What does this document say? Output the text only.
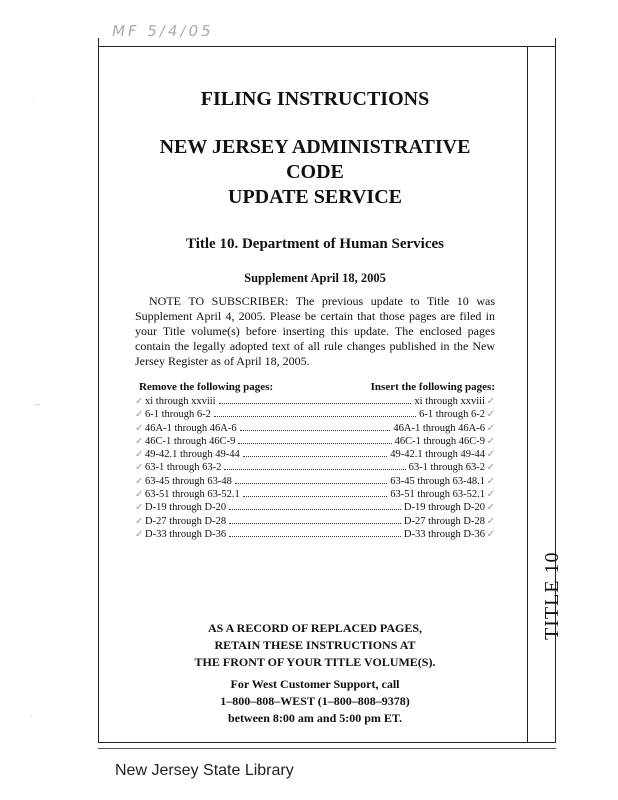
MF 5/4/05
TITLE 10
FILING INSTRUCTIONS
NEW JERSEY ADMINISTRATIVE CODE
UPDATE SERVICE
Title 10. Department of Human Services
Supplement April 18, 2005
NOTE TO SUBSCRIBER: The previous update to Title 10 was Supplement April 4, 2005. Please be certain that those pages are filed in your Title volume(s) before inserting this update. The enclosed pages contain the legally adopted text of all rule changes published in the New Jersey Register as of April 18, 2005.
Remove the following pages:	Insert the following pages:
✓ xi through xxviii	xi through xxviii ✓
✓ 6-1 through 6-2	6-1 through 6-2 ✓
✓ 46A-1 through 46A-6	46A-1 through 46A-6 ✓
✓ 46C-1 through 46C-9	46C-1 through 46C-9 ✓
✓ 49-42.1 through 49-44	49-42.1 through 49-44 ✓
✓ 63-1 through 63-2	63-1 through 63-2 ✓
✓ 63-45 through 63-48	63-45 through 63-48.1 ✓
✓ 63-51 through 63-52.1	63-51 through 63-52.1 ✓
✓ D-19 through D-20	D-19 through D-20 ✓
✓ D-27 through D-28	D-27 through D-28 ✓
✓ D-33 through D-36	D-33 through D-36 ✓
AS A RECORD OF REPLACED PAGES,
RETAIN THESE INSTRUCTIONS AT
THE FRONT OF YOUR TITLE VOLUME(S).
For West Customer Support, call
1–800–808–WEST (1–800–808–9378)
between 8:00 am and 5:00 pm ET.
New Jersey State Library
·
~
·
